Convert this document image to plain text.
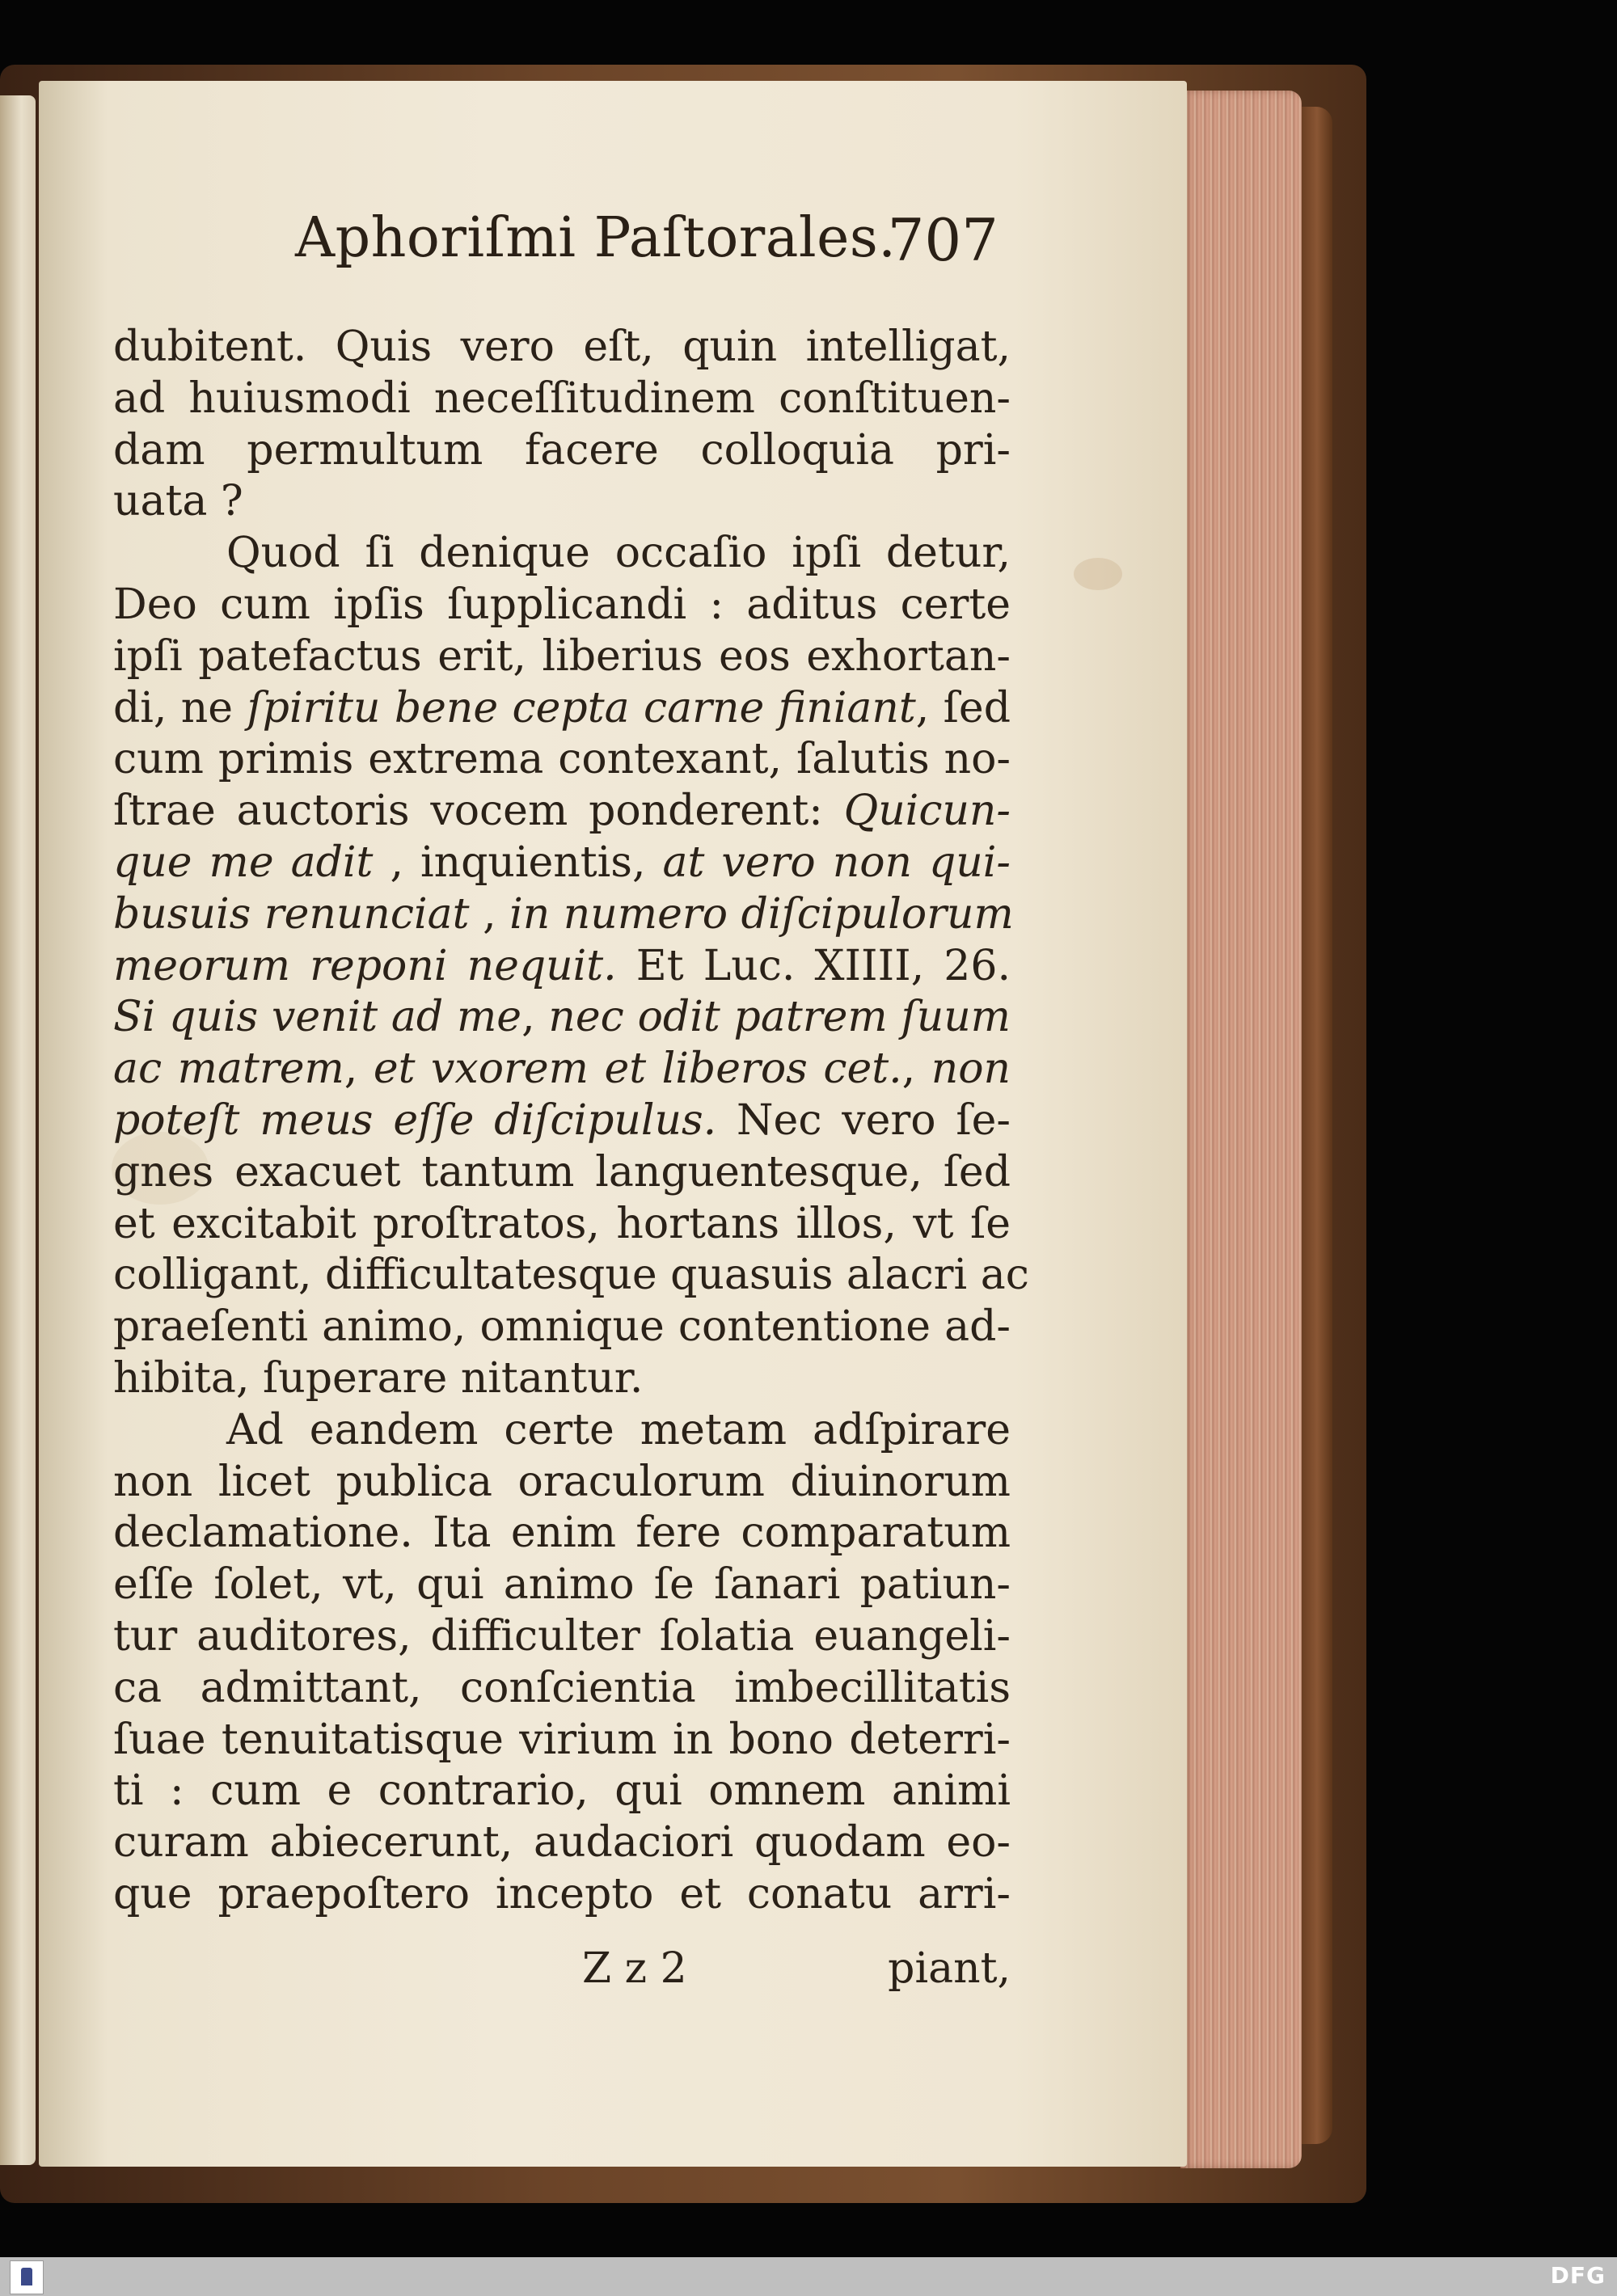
Aphoriſmi Paſtorales.
707
dubitent. Quis vero eſt, quin intelligat,
ad huiusmodi neceſſitudinem conſtituen-
dam permultum facere colloquia pri-
uata ?
Quod ſi denique occaſio ipſi detur,
Deo cum ipſis ſupplicandi : aditus certe
ipſi patefactus erit, liberius eos exhortan-
di, ne ſpiritu bene cepta carne finiant, ſed
cum primis extrema contexant, ſalutis no-
ſtrae auctoris vocem ponderent: Quicun-
que me adit , inquientis, at vero non qui-
busuis renunciat , in numero diſcipulorum
meorum reponi nequit. Et Luc. XIIII, 26.
Si quis venit ad me, nec odit patrem ſuum
ac matrem, et vxorem et liberos cet., non
poteſt meus eſſe diſcipulus. Nec vero ſe-
gnes exacuet tantum languentesque, ſed
et excitabit proſtratos, hortans illos, vt ſe
colligant, difficultatesque quasuis alacri ac
praeſenti animo, omnique contentione ad-
hibita, ſuperare nitantur.
Ad eandem certe metam adſpirare
non licet publica oraculorum diuinorum
declamatione. Ita enim fere comparatum
eſſe ſolet, vt, qui animo ſe ſanari patiun-
tur auditores, difficulter ſolatia euangeli-
ca admittant, conſcientia imbecillitatis
ſuae tenuitatisque virium in bono deterri-
ti : cum e contrario, qui omnem animi
curam abiecerunt, audaciori quodam eo-
que praepoſtero incepto et conatu arri-
Z z 2	piant,
DFG
